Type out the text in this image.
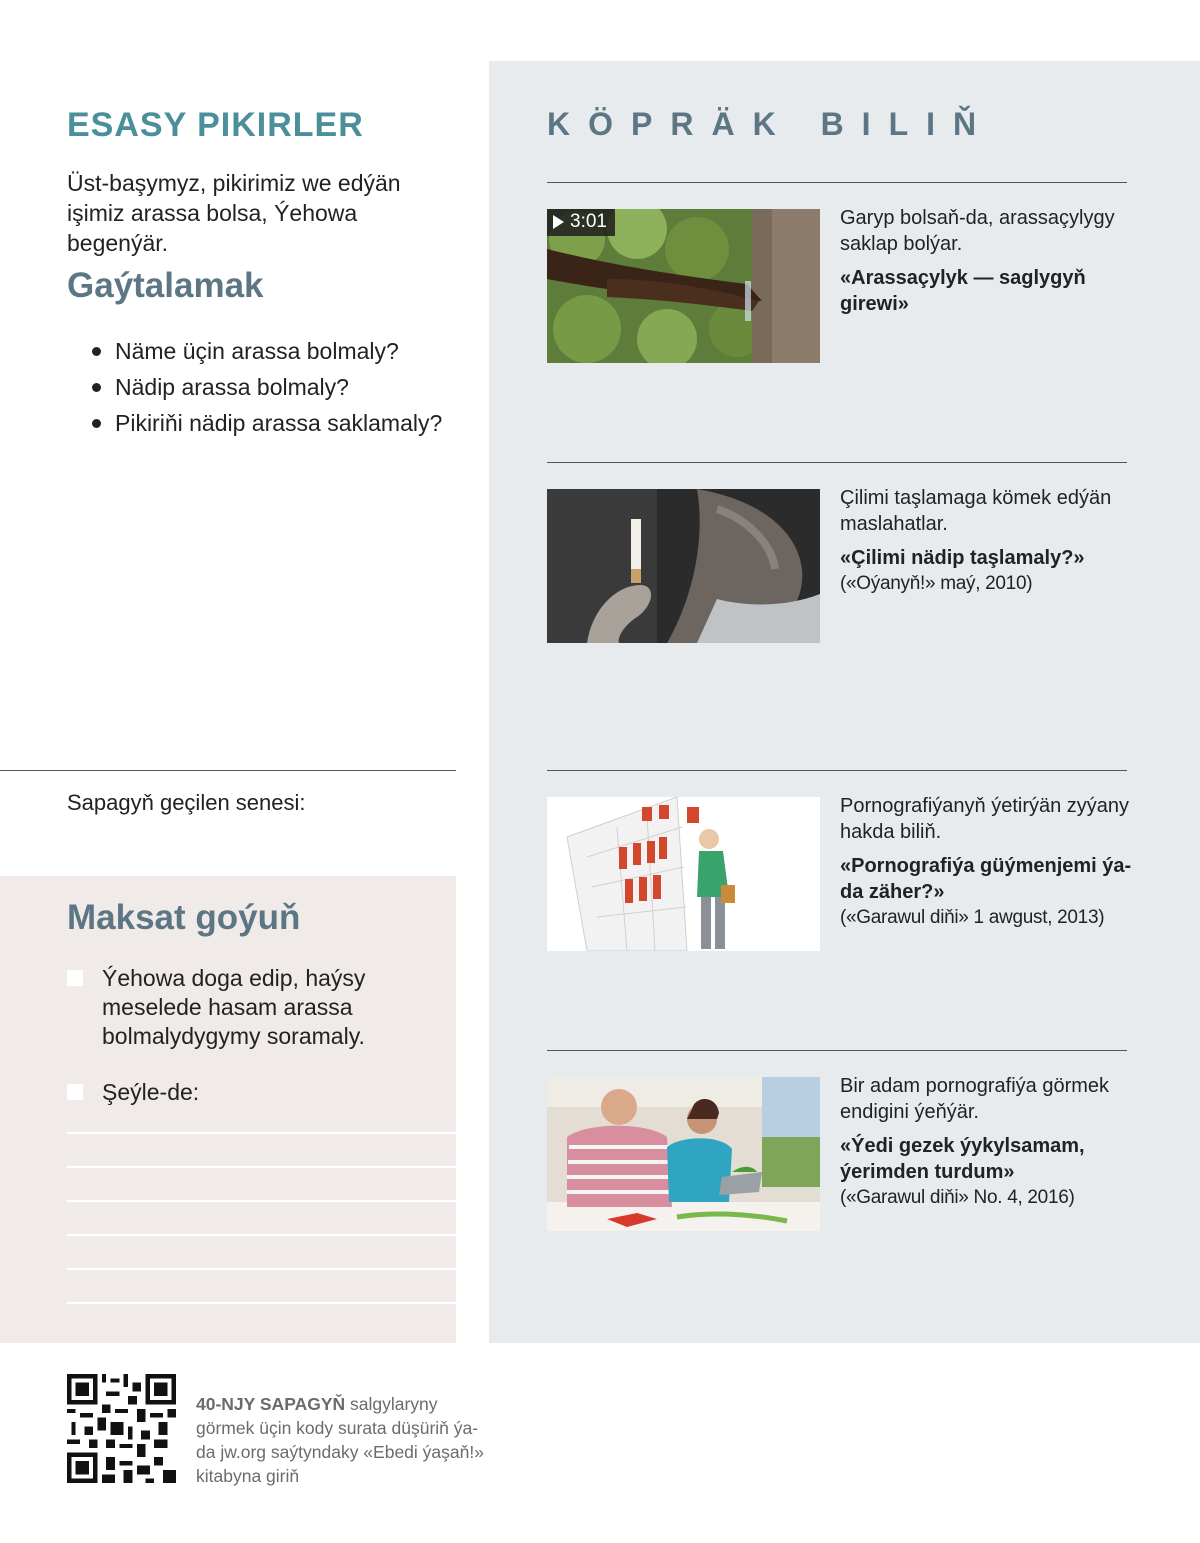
ESASY PIKIRLER
Üst-başymyz, pikirimiz we edýän işimiz arassa bolsa, Ýehowa begenýär.
Gaýtalamak
Näme üçin arassa bolmaly?
Nädip arassa bolmaly?
Pikiriňi nädip arassa saklamaly?
Sapagyň geçilen senesi:
Maksat goýuň
Ýehowa doga edip, haýsy meselede hasam arassa bolmalydygymy soramaly.
Şeýle-de:
KÖPRÄK BILIŇ
3:01	Garyp bolsaň-da, arassaçylygy saklap bolýar.
«Arassaçylyk — saglygyň girewi»
Çilimi taşlamaga kömek edýän maslahatlar.
«Çilimi nädip taşlamaly?»
(«Oýanyň!» maý, 2010)
Pornografiýanyň ýetirýän zyýany hakda biliň.
«Pornografiýa güýmenjemi ýa-da zäher?»
(«Garawul diňi» 1 awgust, 2013)
Bir adam pornografiýa görmek endigini ýeňýär.
«Ýedi gezek ýykylsamam, ýerimden turdum»
(«Garawul diňi» No. 4, 2016)
40-NJY SAPAGYŇ salgylaryny görmek üçin kody surata düşüriň ýa-da jw.org saýtyndaky «Ebedi ýaşaň!» kitabyna giriň
